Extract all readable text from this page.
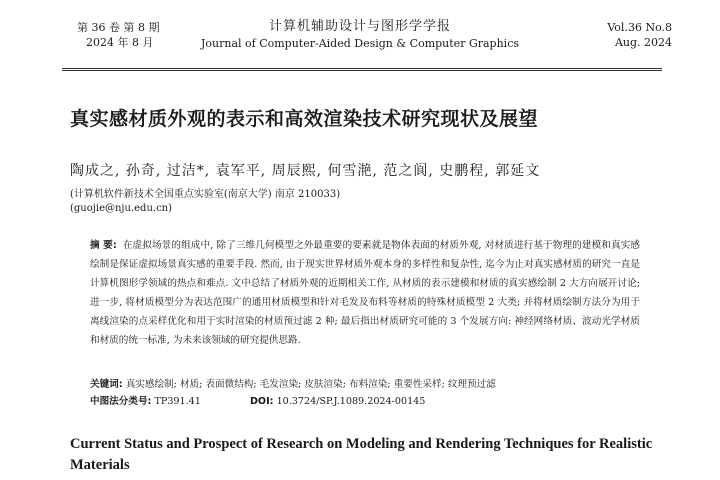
第 36 卷 第 8 期
2024 年 8 月
计算机辅助设计与图形学学报
Journal of Computer-Aided Design & Computer Graphics
Vol.36 No.8
Aug. 2024
真实感材质外观的表示和高效渲染技术研究现状及展望
陶成之, 孙奇, 过洁*, 袁军平, 周辰熙, 何雪滟, 范之阆, 史鹏程, 郭延文
(计算机软件新技术全国重点实验室(南京大学) 南京 210033)
(guojie@nju.edu.cn)
摘 要: 在虚拟场景的组成中, 除了三维几何模型之外最重要的要素就是物体表面的材质外观, 对材质进行基于物理的建模和真实感绘制是保证虚拟场景真实感的重要手段. 然而, 由于现实世界材质外观本身的多样性和复杂性, 迄今为止对真实感材质的研究一直是计算机图形学领域的热点和难点. 文中总结了材质外观的近期相关工作, 从材质的表示建模和材质的真实感绘制 2 大方向展开讨论; 进一步, 将材质模型分为表达范围广的通用材质模型和针对毛发及布料等材质的特殊材质模型 2 大类; 并将材质绘制方法分为用于离线渲染的点采样优化和用于实时渲染的材质预过滤 2 种; 最后指出材质研究可能的 3 个发展方向: 神经网络材质、波动光学材质和材质的统一标准, 为未来该领域的研究提供思路.
关键词: 真实感绘制; 材质; 表面微结构; 毛发渲染; 皮肤渲染; 布料渲染; 重要性采样; 纹理预过滤
中图法分类号: TP391.41	DOI: 10.3724/SP.J.1089.2024-00145
Current Status and Prospect of Research on Modeling and Rendering Techniques for Realistic Materials
